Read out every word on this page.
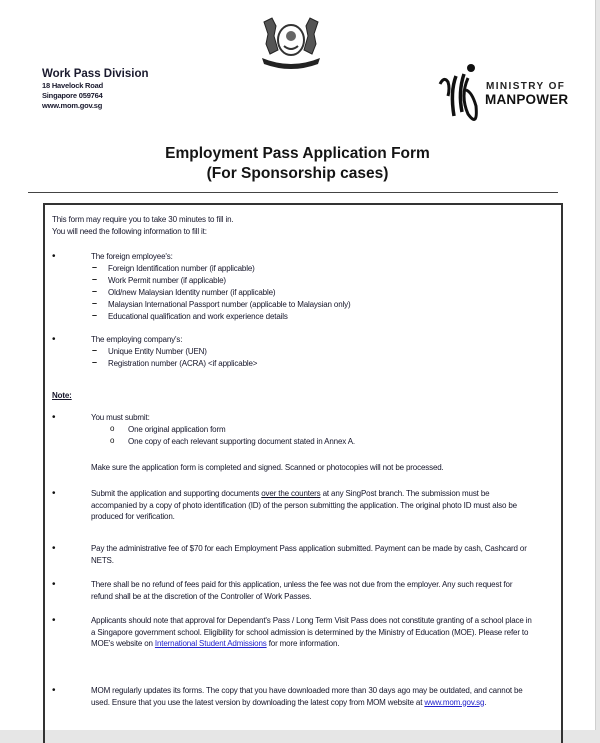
Work Pass Division
18 Havelock Road
Singapore 059764
www.mom.gov.sg
MINISTRY OF
MANPOWER
Employment Pass Application Form
(For Sponsorship cases)
This form may require you to take 30 minutes to fill in.
You will need the following information to fill it:
•	The foreign employee's:
– Foreign Identification number (if applicable)
– Work Permit number (if applicable)
– Old/new Malaysian Identity number (if applicable)
– Malaysian International Passport number (applicable to Malaysian only)
– Educational qualification and work experience details
•	The employing company's:
– Unique Entity Number (UEN)
– Registration number (ACRA) <if applicable>
Note:
•	You must submit:
o One original application form
o One copy of each relevant supporting document stated in Annex A.
Make sure the application form is completed and signed. Scanned or photocopies will not be processed.
•	Submit the application and supporting documents over the counters at any SingPost branch. The submission must be accompanied by a copy of photo identification (ID) of the person submitting the application. The original photo ID must also be produced for verification.
•	Pay the administrative fee of $70 for each Employment Pass application submitted. Payment can be made by cash, Cashcard or NETS.
•	There shall be no refund of fees paid for this application, unless the fee was not due from the employer. Any such request for refund shall be at the discretion of the Controller of Work Passes.
•	Applicants should note that approval for Dependant's Pass / Long Term Visit Pass does not constitute granting of a school place in a Singapore government school. Eligibility for school admission is determined by the Ministry of Education (MOE). Please refer to MOE's website on International Student Admissions for more information.
•	MOM regularly updates its forms. The copy that you have downloaded more than 30 days ago may be outdated, and cannot be used. Ensure that you use the latest version by downloading the latest copy from MOM website at www.mom.gov.sg.
